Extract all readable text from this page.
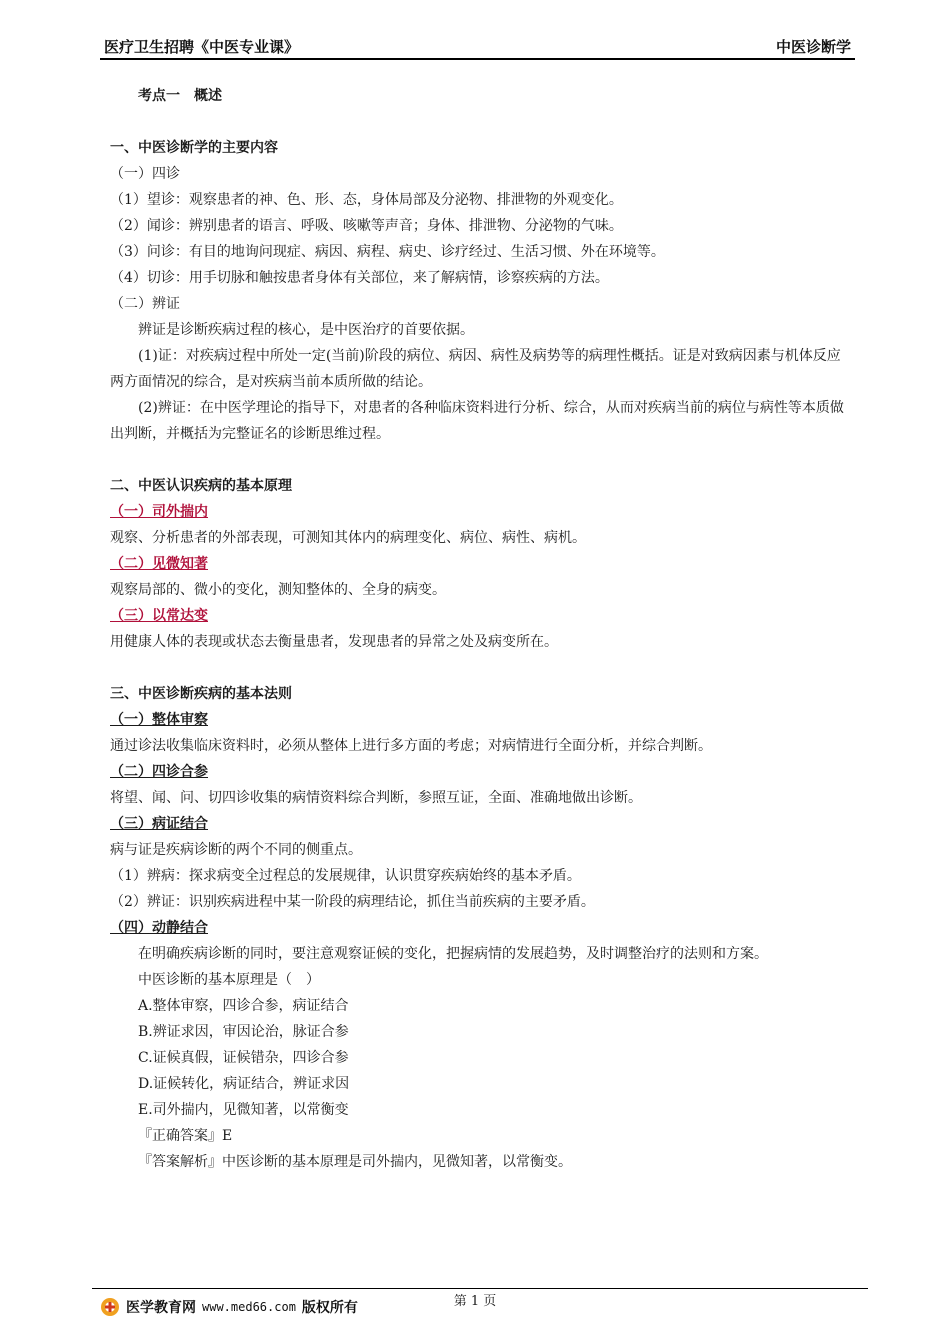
医疗卫生招聘《中医专业课》	中医诊断学
考点一　概述
一、中医诊断学的主要内容
（一）四诊
（1）望诊：观察患者的神、色、形、态，身体局部及分泌物、排泄物的外观变化。
（2）闻诊：辨别患者的语言、呼吸、咳嗽等声音；身体、排泄物、分泌物的气味。
（3）问诊：有目的地询问现症、病因、病程、病史、诊疗经过、生活习惯、外在环境等。
（4）切诊：用手切脉和触按患者身体有关部位，来了解病情，诊察疾病的方法。
（二）辨证
辨证是诊断疾病过程的核心，是中医治疗的首要依据。
(1)证：对疾病过程中所处一定(当前)阶段的病位、病因、病性及病势等的病理性概括。证是对致病因素与机体反应两方面情况的综合，是对疾病当前本质所做的结论。
(2)辨证：在中医学理论的指导下，对患者的各种临床资料进行分析、综合，从而对疾病当前的病位与病性等本质做出判断，并概括为完整证名的诊断思维过程。
二、中医认识疾病的基本原理
（一）司外揣内
观察、分析患者的外部表现，可测知其体内的病理变化、病位、病性、病机。
（二）见微知著
观察局部的、微小的变化，测知整体的、全身的病变。
（三）以常达变
用健康人体的表现或状态去衡量患者，发现患者的异常之处及病变所在。
三、中医诊断疾病的基本法则
（一）整体审察
通过诊法收集临床资料时，必须从整体上进行多方面的考虑；对病情进行全面分析，并综合判断。
（二）四诊合参
将望、闻、问、切四诊收集的病情资料综合判断，参照互证，全面、准确地做出诊断。
（三）病证结合
病与证是疾病诊断的两个不同的侧重点。
（1）辨病：探求病变全过程总的发展规律，认识贯穿疾病始终的基本矛盾。
（2）辨证：识别疾病进程中某一阶段的病理结论，抓住当前疾病的主要矛盾。
（四）动静结合
在明确疾病诊断的同时，要注意观察证候的变化，把握病情的发展趋势，及时调整治疗的法则和方案。
中医诊断的基本原理是（　）
A.整体审察，四诊合参，病证结合
B.辨证求因，审因论治，脉证合参
C.证候真假，证候错杂，四诊合参
D.证候转化，病证结合，辨证求因
E.司外揣内，见微知著，以常衡变
『正确答案』E
『答案解析』中医诊断的基本原理是司外揣内，见微知著，以常衡变。
第 1 页
医学教育网 www.med66.com 版权所有
